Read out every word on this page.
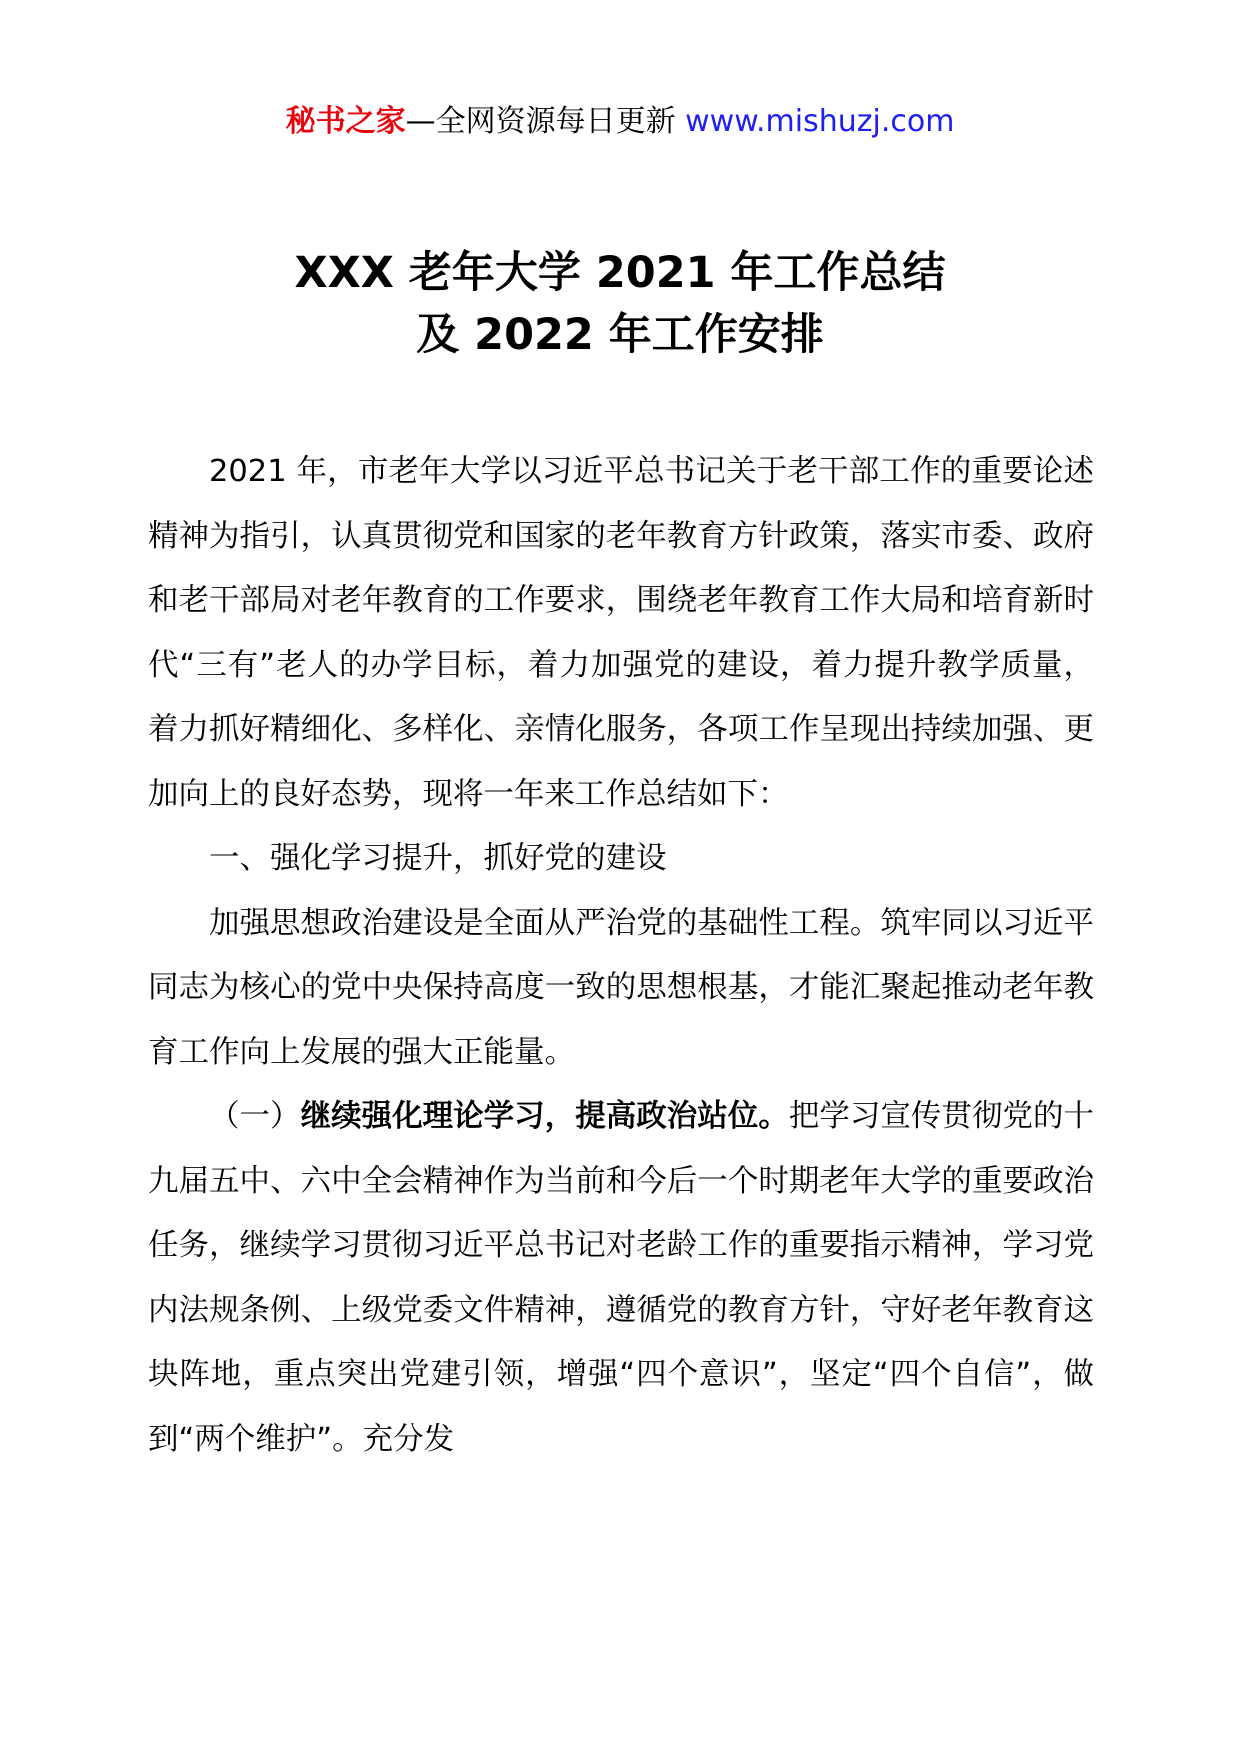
秘书之家—全网资源每日更新 www.mishuzj.com
XXX 老年大学 2021 年工作总结
及 2022 年工作安排

2021 年，市老年大学以习近平总书记关于老干部工作的重要论述精神为指引，认真贯彻党和国家的老年教育方针政策，落实市委、政府和老干部局对老年教育的工作要求，围绕老年教育工作大局和培育新时代“三有”老人的办学目标，着力加强党的建设，着力提升教学质量，着力抓好精细化、多样化、亲情化服务，各项工作呈现出持续加强、更加向上的良好态势，现将一年来工作总结如下：

一、强化学习提升，抓好党的建设

加强思想政治建设是全面从严治党的基础性工程。筑牢同以习近平同志为核心的党中央保持高度一致的思想根基，才能汇聚起推动老年教育工作向上发展的强大正能量。

（一）继续强化理论学习，提高政治站位。把学习宣传贯彻党的十九届五中、六中全会精神作为当前和今后一个时期老年大学的重要政治任务，继续学习贯彻习近平总书记对老龄工作的重要指示精神，学习党内法规条例、上级党委文件精神，遵循党的教育方针，守好老年教育这块阵地，重点突出党建引领，增强“四个意识”，坚定“四个自信”，做到“两个维护”。充分发
